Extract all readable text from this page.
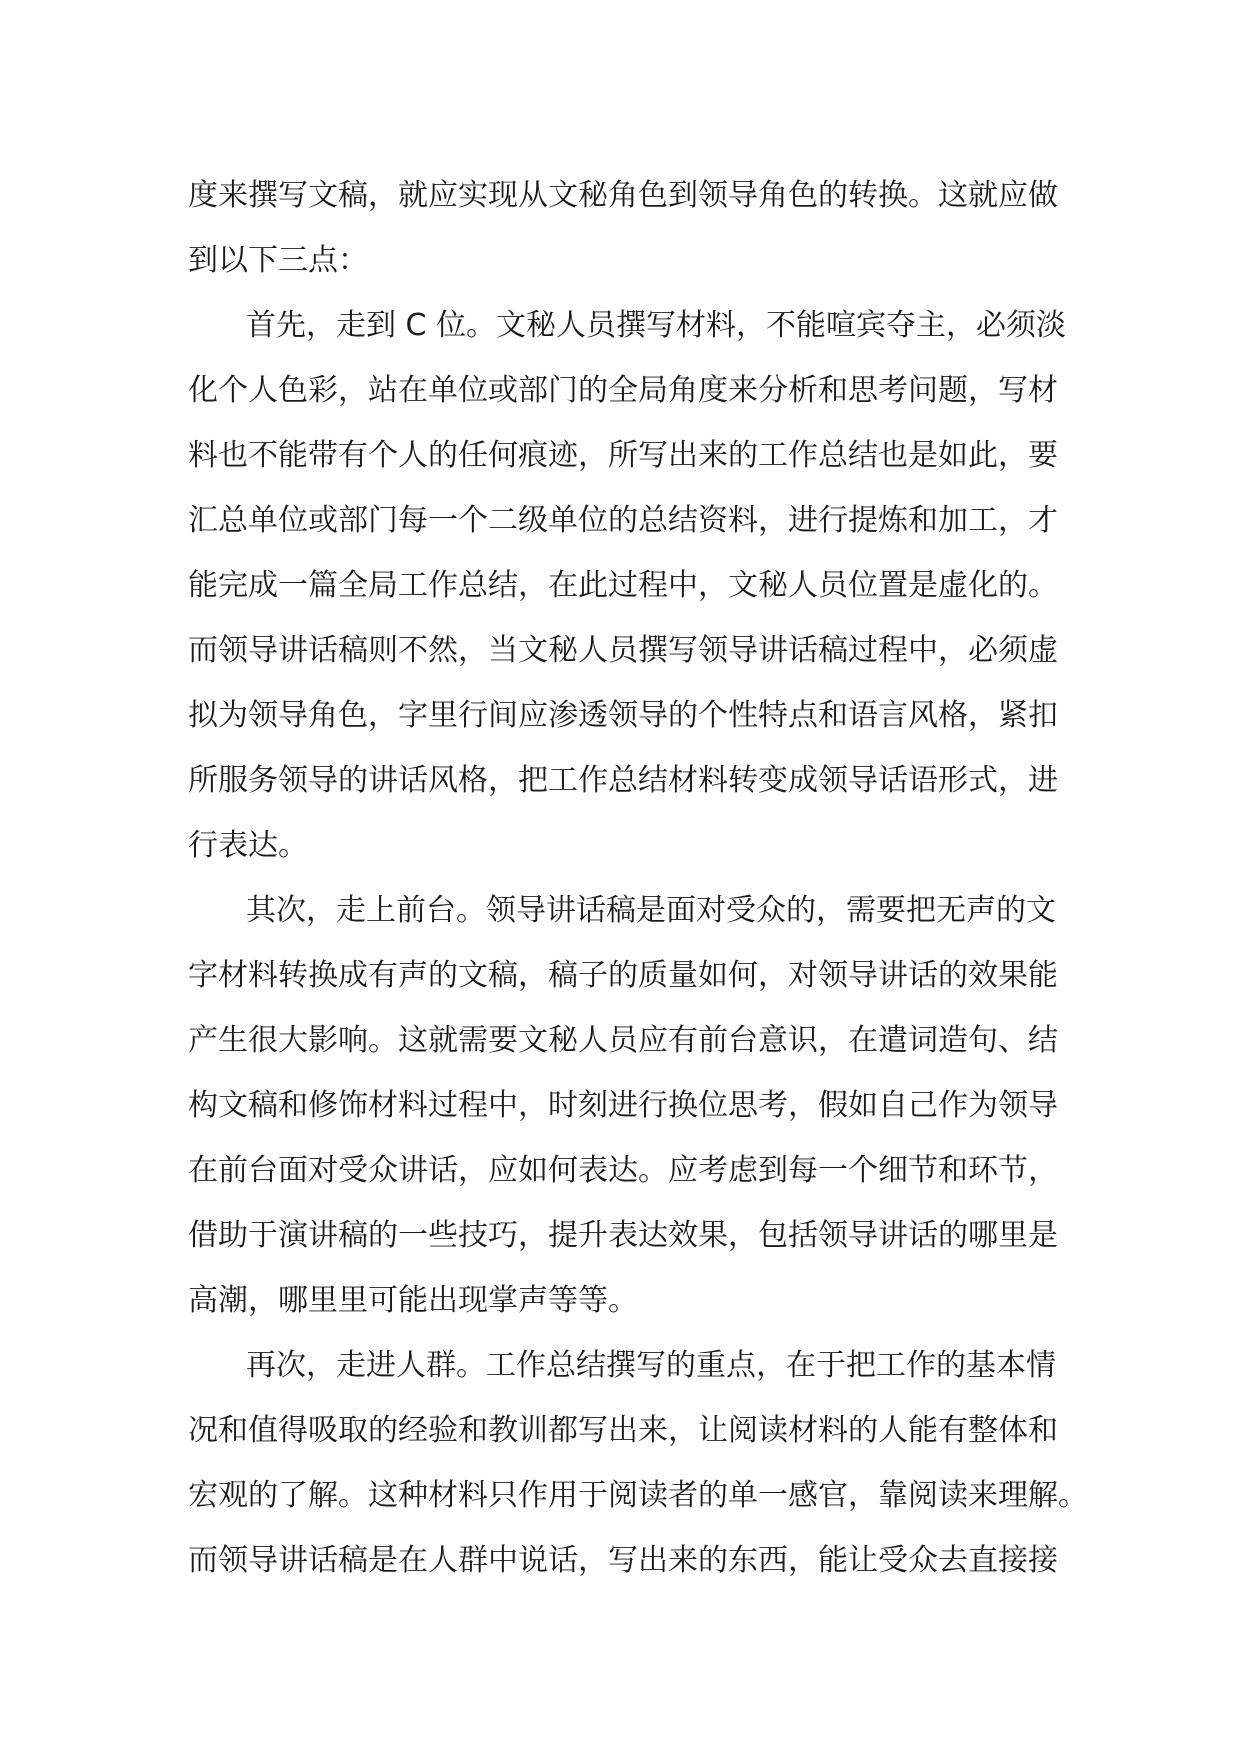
度来撰写文稿，就应实现从文秘角色到领导角色的转换。这就应做
到以下三点：
首先，走到 C 位。文秘人员撰写材料，不能喧宾夺主，必须淡
化个人色彩，站在单位或部门的全局角度来分析和思考问题，写材
料也不能带有个人的任何痕迹，所写出来的工作总结也是如此，要
汇总单位或部门每一个二级单位的总结资料，进行提炼和加工，才
能完成一篇全局工作总结，在此过程中，文秘人员位置是虚化的。
而领导讲话稿则不然，当文秘人员撰写领导讲话稿过程中，必须虚
拟为领导角色，字里行间应渗透领导的个性特点和语言风格，紧扣
所服务领导的讲话风格，把工作总结材料转变成领导话语形式，进
行表达。
其次，走上前台。领导讲话稿是面对受众的，需要把无声的文
字材料转换成有声的文稿，稿子的质量如何，对领导讲话的效果能
产生很大影响。这就需要文秘人员应有前台意识，在遣词造句、结
构文稿和修饰材料过程中，时刻进行换位思考，假如自己作为领导
在前台面对受众讲话，应如何表达。应考虑到每一个细节和环节，
借助于演讲稿的一些技巧，提升表达效果，包括领导讲话的哪里是
高潮，哪里里可能出现掌声等等。
再次，走进人群。工作总结撰写的重点，在于把工作的基本情
况和值得吸取的经验和教训都写出来，让阅读材料的人能有整体和
宏观的了解。这种材料只作用于阅读者的单一感官，靠阅读来理解。
而领导讲话稿是在人群中说话，写出来的东西，能让受众去直接接
